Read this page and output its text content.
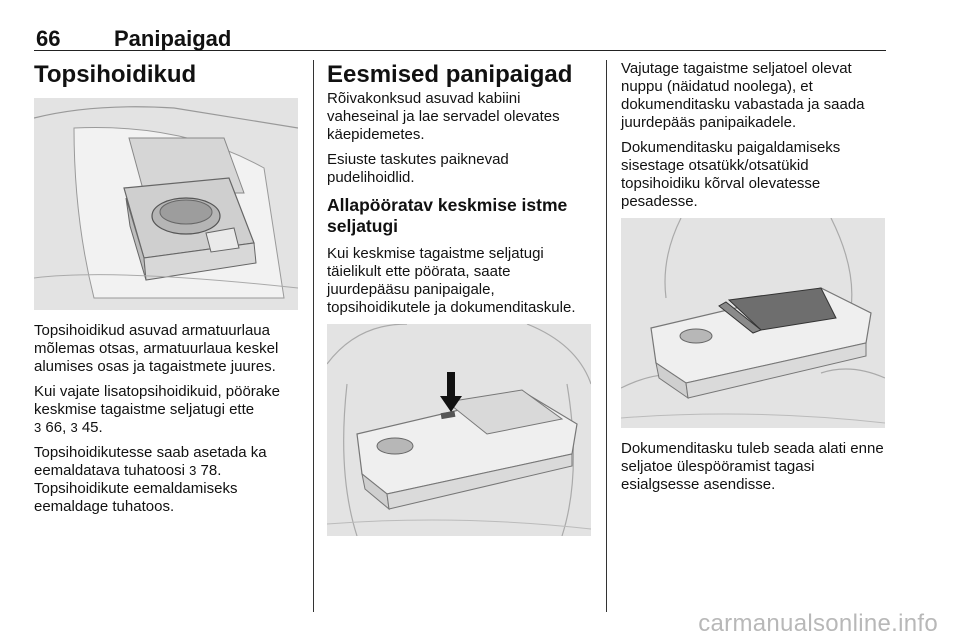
66 Panipaigad
Topsihoidikud

Topsihoidikud asuvad armatuurlaua mõlemas otsas, armatuurlaua keskel alumises osas ja tagaistmete juures.

Kui vajate lisatopsihoidikuid, pöörake keskmise tagaistme seljatugi ette
3 66, 3 45.

Topsihoidikutesse saab asetada ka eemaldatava tuhatoosi 3 78.
Topsihoidikute eemaldamiseks eemaldage tuhatoos.

Eesmised panipaigad

Rõivakonksud asuvad kabiini vaheseinal ja lae servadel olevates käepidemetes.

Esiuste taskutes paiknevad pudelihoidlid.

Allapööratav keskmise istme seljatugi

Kui keskmise tagaistme seljatugi täielikult ette pöörata, saate juurdepääsu panipaigale, topsihoidikutele ja dokumenditaskule.

Vajutage tagaistme seljatoel olevat nuppu (näidatud noolega), et dokumenditasku vabastada ja saada juurdepääs panipaikadele.

Dokumenditasku paigaldamiseks sisestage otsatükk/otsatükid topsihoidiku kõrval olevatesse pesadesse.

Dokumenditasku tuleb seada alati enne seljatoe ülespööramist tagasi esialgsesse asendisse.

carmanualsonline.info
